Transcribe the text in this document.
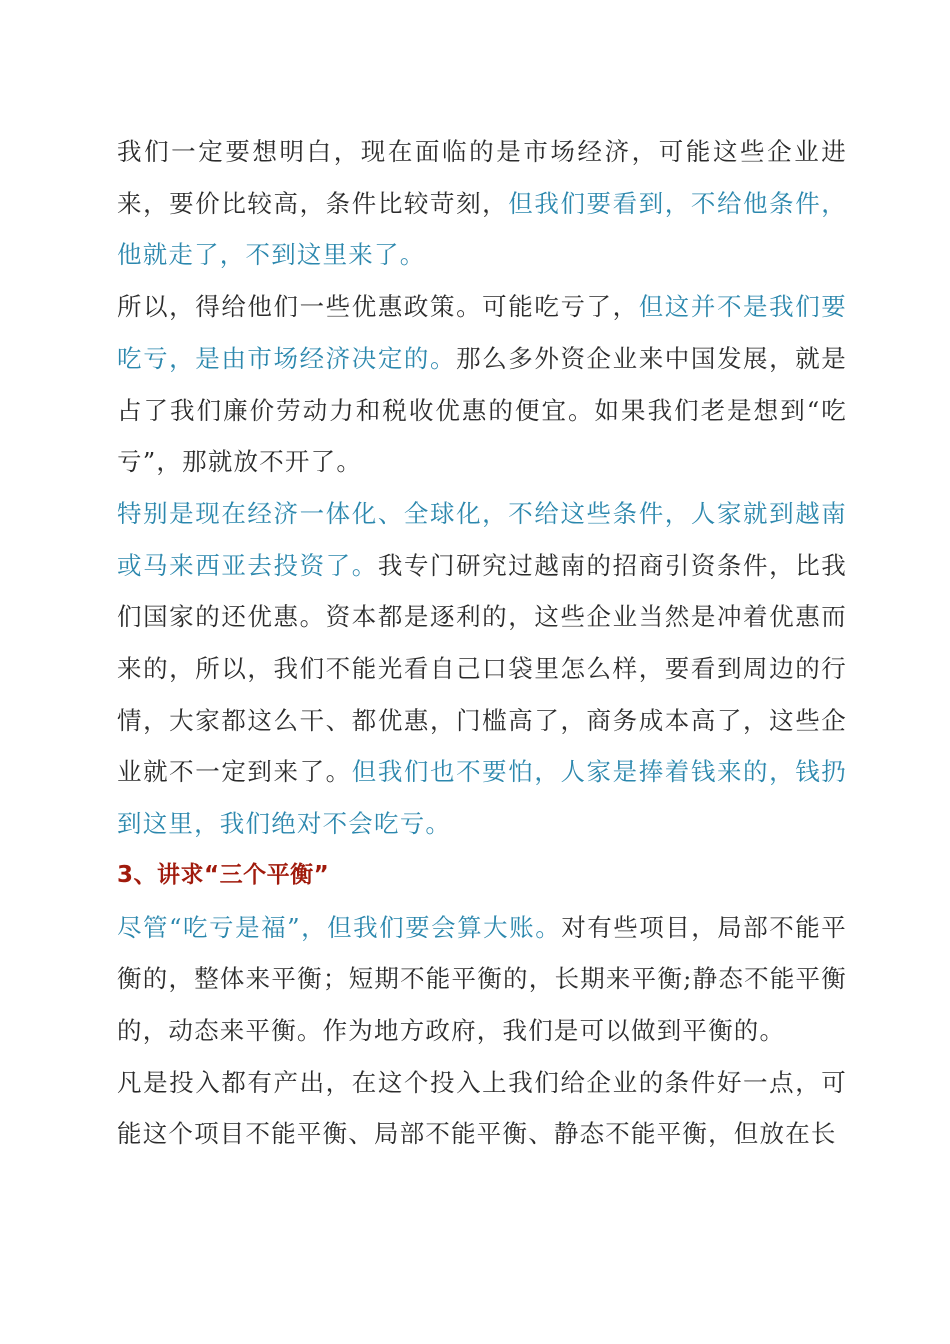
我们一定要想明白，现在面临的是市场经济，可能这些企业进来，要价比较高，条件比较苛刻，但我们要看到，不给他条件，他就走了，不到这里来了。

所以，得给他们一些优惠政策。可能吃亏了，但这并不是我们要吃亏，是由市场经济决定的。那么多外资企业来中国发展，就是占了我们廉价劳动力和税收优惠的便宜。如果我们老是想到“吃亏”，那就放不开了。

特别是现在经济一体化、全球化，不给这些条件，人家就到越南或马来西亚去投资了。我专门研究过越南的招商引资条件，比我们国家的还优惠。资本都是逐利的，这些企业当然是冲着优惠而来的，所以，我们不能光看自己口袋里怎么样，要看到周边的行情，大家都这么干、都优惠，门槛高了，商务成本高了，这些企业就不一定到来了。但我们也不要怕，人家是捧着钱来的，钱扔到这里，我们绝对不会吃亏。

3、讲求“三个平衡”

尽管“吃亏是福”，但我们要会算大账。对有些项目，局部不能平衡的，整体来平衡；短期不能平衡的，长期来平衡;静态不能平衡的，动态来平衡。作为地方政府，我们是可以做到平衡的。

凡是投入都有产出，在这个投入上我们给企业的条件好一点，可能这个项目不能平衡、局部不能平衡、静态不能平衡，但放在长
